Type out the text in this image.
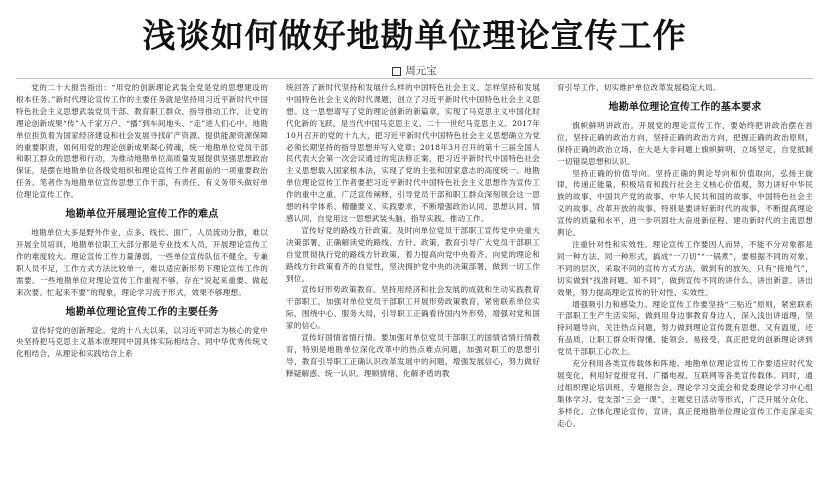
浅谈如何做好地勘单位理论宣传工作
周元宝

党的二十大报告指出：“用党的创新理论武装全党是党的思想建设的根本任务。”新时代理论宣传工作的主要任务就是坚持用习近平新时代中国特色社会主义思想武装党员干部、教育职工群众、指导推动工作，让党的理论创新成果“传”入千家万户、“播”到车间地头、“走”进人们心中。地勘单位担负着为国家经济建设和社会发展寻找矿产资源、提供能源资源保障的重要职责，如何用党的理论创新成果凝心铸魂，统一地勘单位党员干部和职工群众的思想和行动，为推动地勘单位高质量发展提供坚强思想政治保证，是摆在地勘单位各级党组织和理论宣传工作者面前的一项重要政治任务。笔者作为地勘单位宣传思想工作干部，有责任、有义务带头做好单位理论宣传工作。

地勘单位开展理论宣传工作的难点

地勘单位大多是野外作业，点多、线长、面广，人员流动分散，难以开展全员培训，地勘单位职工大部分都是专业技术人员，开展理论宣传工作的难度较大。理论宣传工作力量薄弱，一些单位宣传队伍不健全、专兼职人员不足，工作方式方法比较单一，难以适应新形势下理论宣传工作的需要。一些地勘单位对理论宣传工作重视不够，存在“说起来重要、做起来次要、忙起来不要”的现象，理论学习流于形式，效果不够理想。

地勘单位理论宣传工作的主要任务

宣传好党的创新理论。党的十八大以来，以习近平同志为核心的党中央坚持把马克思主义基本原理同中国具体实际相结合、同中华优秀传统文化相结合，从理论和实践结合上系

统回答了新时代坚持和发展什么样的中国特色社会主义、怎样坚持和发展中国特色社会主义的时代课题，创立了习近平新时代中国特色社会主义思想。这一思想谱写了党的理论创新的新篇章，实现了马克思主义中国化时代化新的飞跃，是当代中国马克思主义、二十一世纪马克思主义。2017年10月召开的党的十九大，把习近平新时代中国特色社会主义思想确立为党必须长期坚持的指导思想并写入党章；2018年3月召开的第十三届全国人民代表大会第一次会议通过的宪法修正案，把习近平新时代中国特色社会主义思想载入国家根本法，实现了党的主张和国家意志的高度统一。地勘单位理论宣传工作者要把习近平新时代中国特色社会主义思想作为宣传工作的重中之重，广泛宣传阐释，引导党员干部和职工群众深刻领会这一思想的科学体系、精髓要义、实践要求，不断增强政治认同、思想认同、情感认同，自觉用这一思想武装头脑、指导实践、推动工作。

宣传好党的路线方针政策。及时向单位党员干部职工宣传党中央重大决策部署，正确解读党的路线、方针、政策，教育引导广大党员干部职工自觉贯彻执行党的路线方针政策，着力提高向党中央看齐、向党的理论和路线方针政策看齐的自觉性，坚决拥护党中央的决策部署，做到一切工作到位。

宣传好形势政策教育。坚持用经济和社会发展的成就和生动实践教育干部职工，加强对单位党员干部职工开展形势政策教育，紧密联系单位实际，围绕中心、服务大局，引导职工正确看待国内外形势，增强对党和国家的信心。

宣传好国情省情行情。要加强对单位党员干部职工的国情省情行情教育，特别是地勘单位深化改革中的热点难点问题，加强对职工的思想引导，教育引导职工正确认识改革发展中的问题，增强发展信心，努力做好释疑解惑、统一认识、理顺情绪、化解矛盾的教

育引导工作，切实维护单位改革发展稳定大局。

地勘单位理论宣传工作的基本要求

旗帜鲜明讲政治。开展党的理论宣传工作，要始终把讲政治摆在首位，坚持正确的政治方向，坚持正确的政治方向，把握正确的政治原则，保持正确的政治立场，在大是大非问题上旗帜鲜明，立场坚定，自觉抵制一切错误思想和认识。

坚持正确的价值导向。坚持正确的舆论导向和价值取向，弘扬主旋律，传递正能量，积极培育和践行社会主义核心价值观，努力讲好中华民族的故事、中国共产党的故事、中华人民共和国的故事、中国特色社会主义的故事、改革开放的故事、特别是要讲好新时代的故事，不断提高理论宣传的质量和水平，进一步巩固壮大奋进新征程、建功新时代的主流思想舆论。

注重针对性和实效性。理论宣传工作要因人而异，不能不分对象都是同一种方法、同一种形式，搞成“一刀切”“一锅煮”，要根据不同的对象、不同的层次，采取不同的宣传方式方法，做到有的放矢，只有“接地气”，切实做到“找准问题、知不同”，做到宣传不同的讲什么、讲出新意、讲出效果，努力提高理论宣传的针对性、实效性。

增强吸引力和感染力。理论宣传工作要坚持“三贴近”原则，紧密联系干部职工生产生活实际，做到用身边事教育身边人，深入浅出讲道理，坚持问题导向，关注热点问题，努力做到理论宣传既有思想、又有温度，还有品质，让职工群众听得懂、能领会、易接受，真正把党的创新理论讲到党员干部职工心坎上。

充分利用各类宣传载体和阵地。地勘单位理论宣传工作要适应时代发展变化，利用好党报党刊、广播电视、互联网等各类宣传载体。同时，通过组织理论培训班、专题报告会、理论学习交流会和党委理论学习中心组集体学习、党支部“三会一课”、主题党日活动等形式，广泛开展分众化、多样化、立体化理论宣传，宣讲，真正使地勘单位理论宣传工作走深走实走心。
